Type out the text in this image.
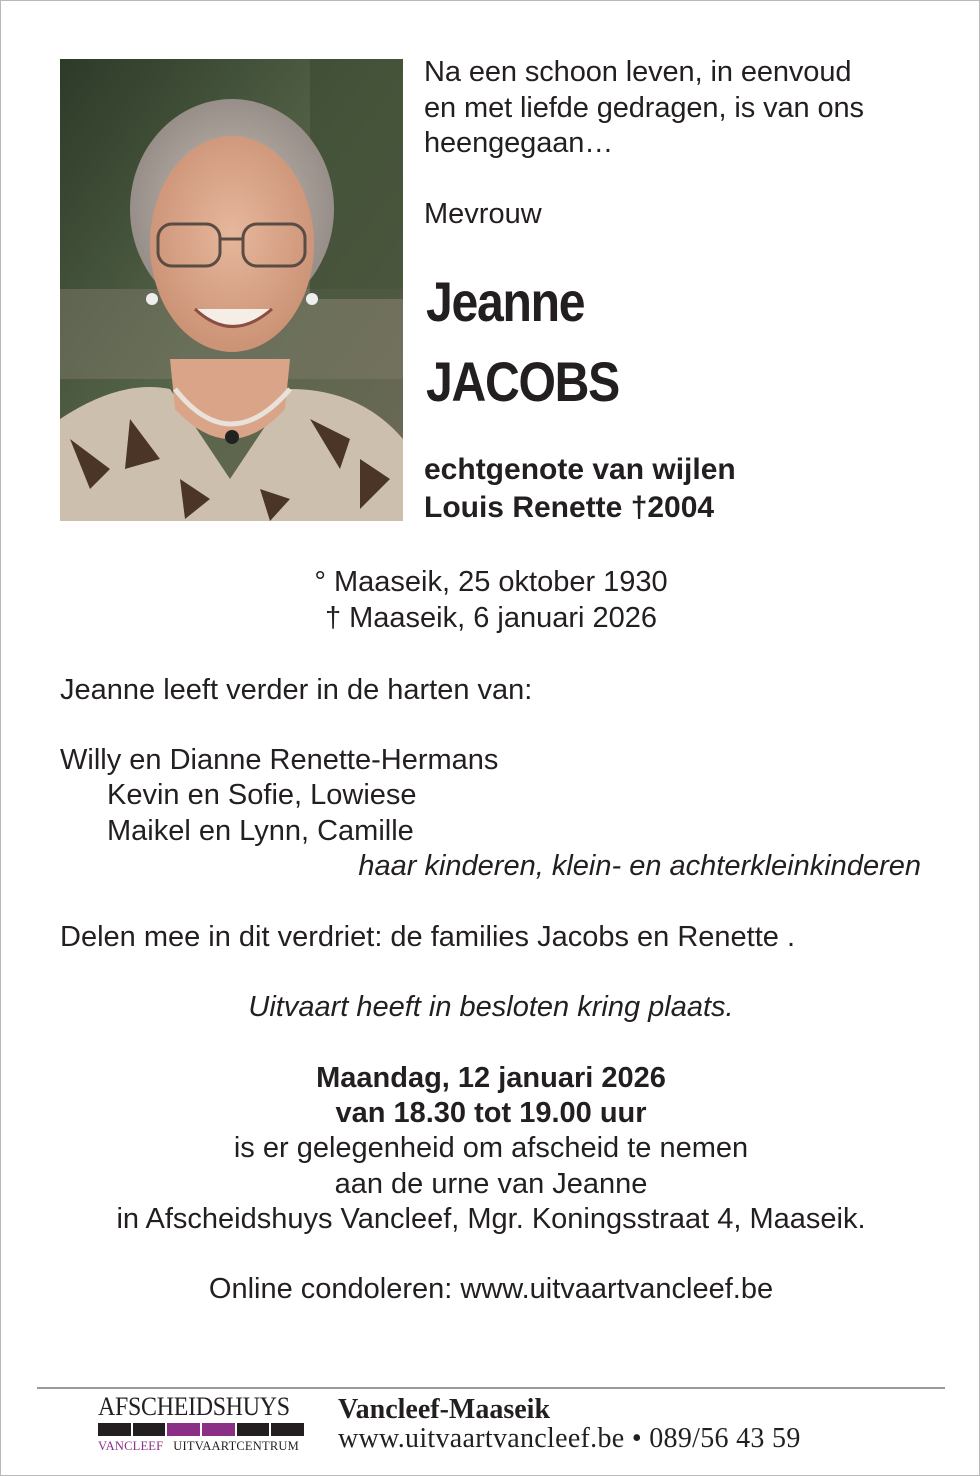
Na een schoon leven, in eenvoud
en met liefde gedragen, is van ons
heengegaan…
Mevrouw
Jeanne
JACOBS
echtgenote van wijlen
Louis Renette †2004
° Maaseik, 25 oktober 1930
† Maaseik, 6 januari 2026
Jeanne leeft verder in de harten van:
Willy en Dianne Renette-Hermans
Kevin en Sofie, Lowiese
Maikel en Lynn, Camille
haar kinderen, klein- en achterkleinkinderen
Delen mee in dit verdriet: de families Jacobs en Renette .
Uitvaart heeft in besloten kring plaats.
Maandag, 12 januari 2026
van 18.30 tot 19.00 uur
is er gelegenheid om afscheid te nemen
aan de urne van Jeanne
in Afscheidshuys Vancleef, Mgr. Koningsstraat 4, Maaseik.
Online condoleren: www.uitvaartvancleef.be
AFSCHEIDSHUYS
VANCLEEF UITVAARTCENTRUM
Vancleef-Maaseik
www.uitvaartvancleef.be • 089/56 43 59
